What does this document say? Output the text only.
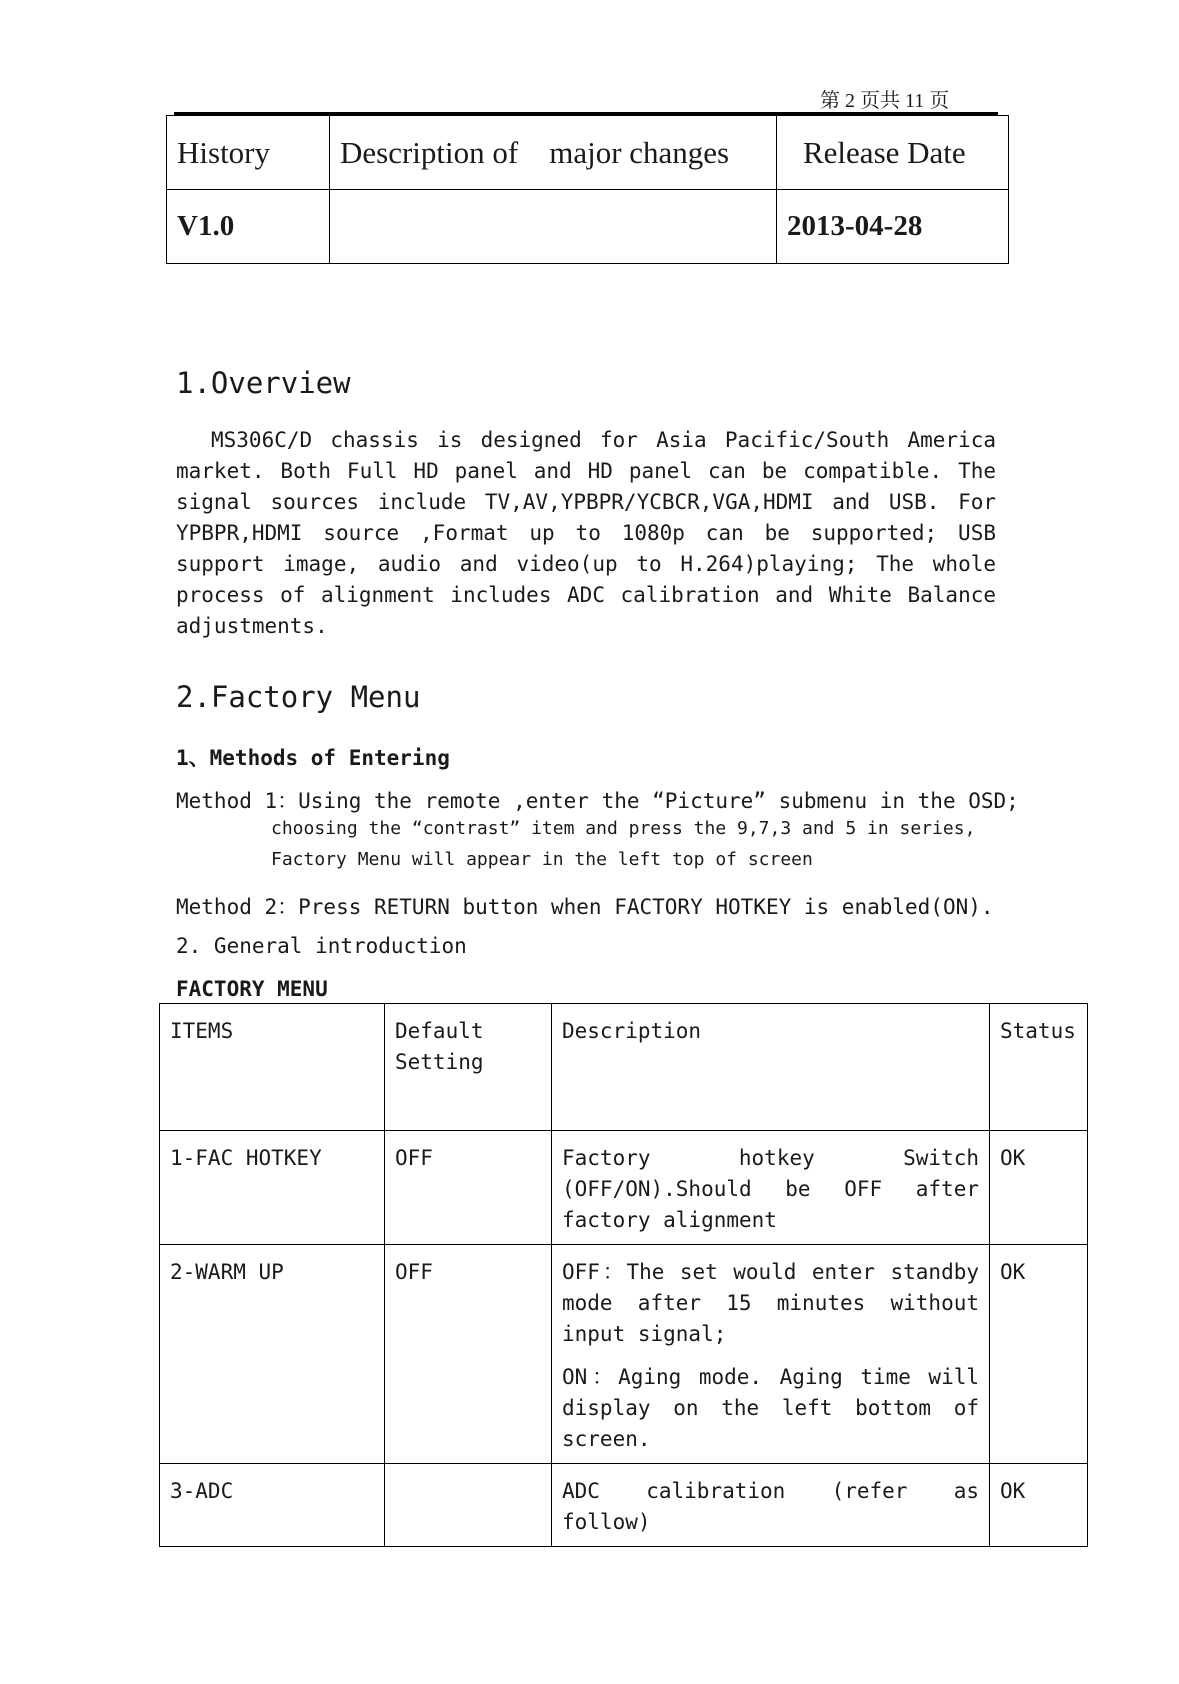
第 2 页共 11 页
History	Description of    major changes	Release Date
V1.0		2013-04-28
1.Overview
MS306C/D chassis is designed for Asia Pacific/South America market. Both Full HD panel and HD panel can be compatible. The signal sources include TV,AV,YPBPR/YCBCR,VGA,HDMI and USB. For YPBPR,HDMI source ,Format up to 1080p can be supported; USB support image, audio and video(up to H.264)playing; The whole process of alignment includes ADC calibration and White Balance adjustments.
2.Factory Menu
1、Methods of Entering
Method 1：Using the remote ,enter the “Picture” submenu in the OSD;
choosing the “contrast” item and press the 9,7,3 and 5 in series,
Factory Menu will appear in the left top of screen
Method 2：Press RETURN button when FACTORY HOTKEY is enabled(ON).
2. General introduction
FACTORY MENU
ITEMS	Default Setting	Description	Status
1-FAC HOTKEY	OFF	Factory hotkey Switch (OFF/ON).Should be OFF after factory alignment	OK
2-WARM UP	OFF	OFF：The set would enter standby mode after 15 minutes without input signal;

ON：Aging mode. Aging time will display on the left bottom of screen.	OK
3-ADC		ADC calibration (refer as follow)	OK
